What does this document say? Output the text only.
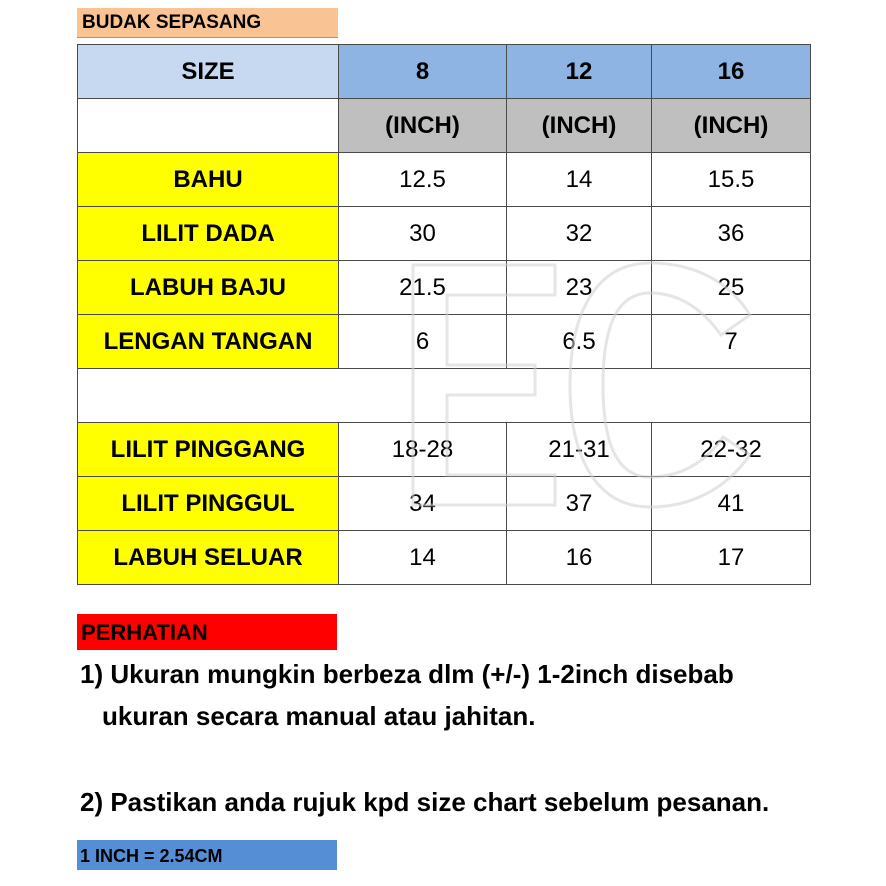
BUDAK SEPASANG
SIZE	8	12	16
	(INCH)	(INCH)	(INCH)
BAHU	12.5	14	15.5
LILIT DADA	30	32	36
LABUH BAJU	21.5	23	25
LENGAN TANGAN	6	6.5	7

LILIT PINGGANG	18-28	21-31	22-32
LILIT PINGGUL	34	37	41
LABUH SELUAR	14	16	17
PERHATIAN
1) Ukuran mungkin berbeza dlm (+/-) 1-2inch disebab
ukuran secara manual atau jahitan.
2) Pastikan anda rujuk kpd size chart sebelum pesanan.
1 INCH = 2.54CM
